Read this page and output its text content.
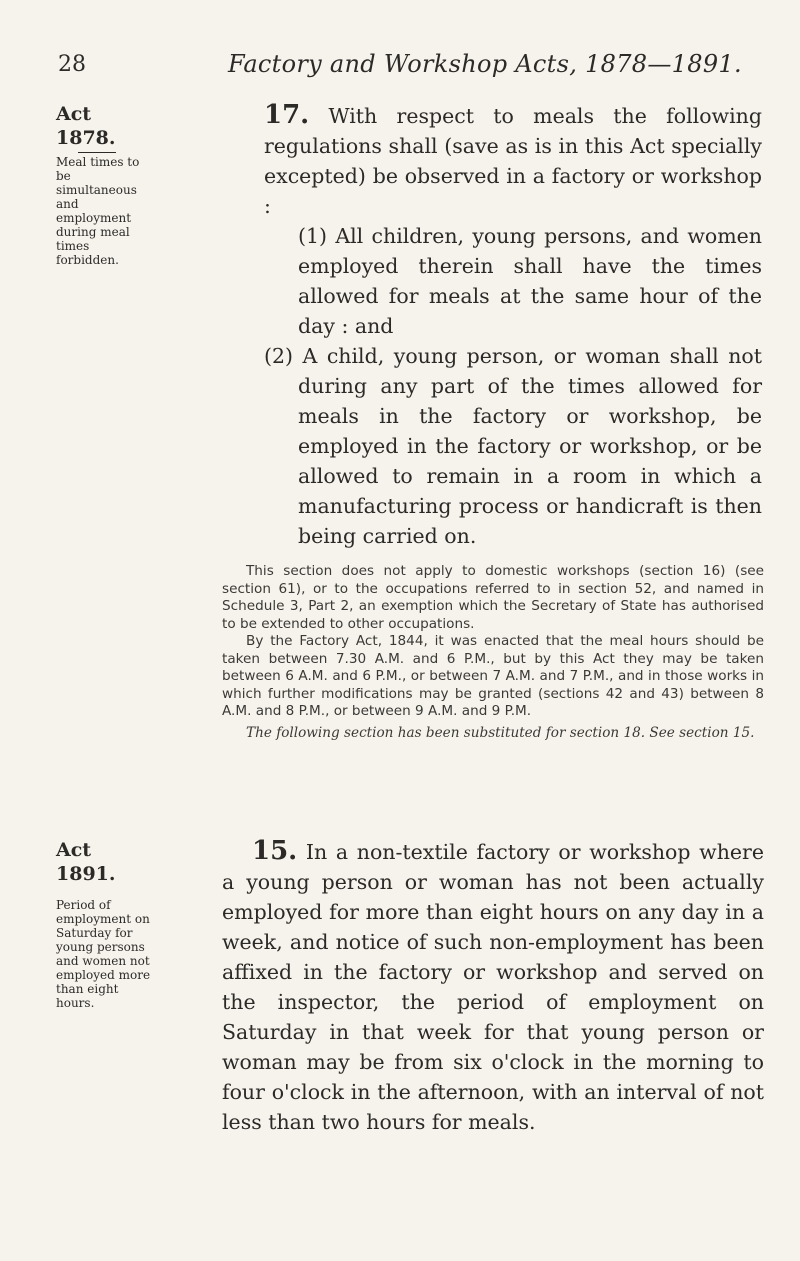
28	Factory and Workshop Acts, 1878—1891.
Act 1878.
Meal times to be simultaneous and employment during meal times forbidden.
17. With respect to meals the following regulations shall (save as is in this Act specially excepted) be observed in a factory or workshop :
(1) All children, young persons, and women employed therein shall have the times allowed for meals at the same hour of the day : and
(2) A child, young person, or woman shall not during any part of the times allowed for meals in the factory or workshop, be employed in the factory or workshop, or be allowed to remain in a room in which a manufacturing process or handicraft is then being carried on.

This section does not apply to domestic workshops (section 16) (see section 61), or to the occupations referred to in section 52, and named in Schedule 3, Part 2, an exemption which the Secretary of State has authorised to be extended to other occupations.

By the Factory Act, 1844, it was enacted that the meal hours should be taken between 7.30 A.M. and 6 P.M., but by this Act they may be taken between 6 A.M. and 6 P.M., or between 7 A.M. and 7 P.M., and in those works in which further modifications may be granted (sections 42 and 43) between 8 A.M. and 8 P.M., or between 9 A.M. and 9 P.M.

The following section has been substituted for section 18. See section 15.

Act 1891.
Period of employment on Saturday for young persons and women not employed more than eight hours.
15. In a non-textile factory or workshop where a young person or woman has not been actually employed for more than eight hours on any day in a week, and notice of such non-employment has been affixed in the factory or workshop and served on the inspector, the period of employment on Saturday in that week for that young person or woman may be from six o'clock in the morning to four o'clock in the afternoon, with an interval of not less than two hours for meals.
